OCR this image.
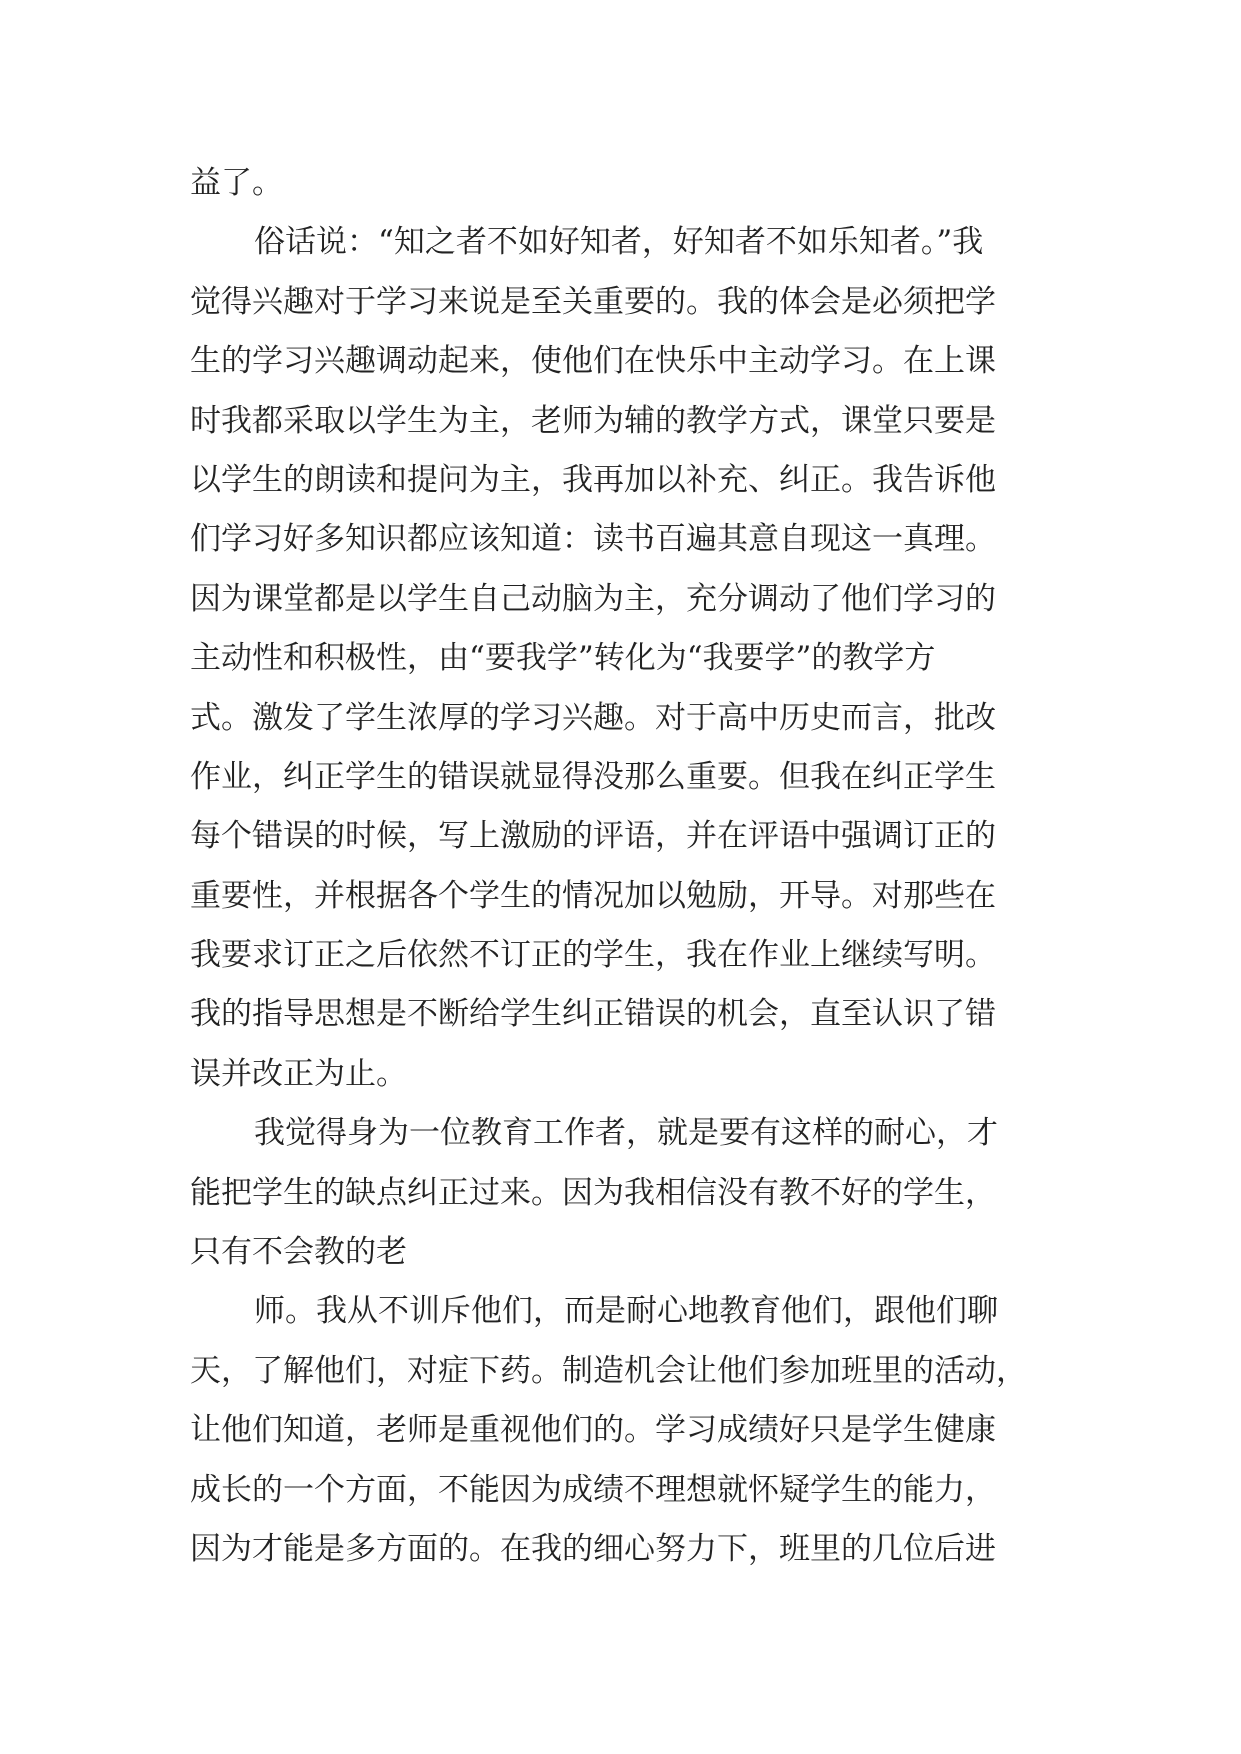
益了。
俗话说：“知之者不如好知者，好知者不如乐知者。”我
觉得兴趣对于学习来说是至关重要的。我的体会是必须把学
生的学习兴趣调动起来，使他们在快乐中主动学习。在上课
时我都采取以学生为主，老师为辅的教学方式，课堂只要是
以学生的朗读和提问为主，我再加以补充、纠正。我告诉他
们学习好多知识都应该知道：读书百遍其意自现这一真理。
因为课堂都是以学生自己动脑为主，充分调动了他们学习的
主动性和积极性，由“要我学”转化为“我要学”的教学方
式。激发了学生浓厚的学习兴趣。对于高中历史而言，批改
作业，纠正学生的错误就显得没那么重要。但我在纠正学生
每个错误的时候，写上激励的评语，并在评语中强调订正的
重要性，并根据各个学生的情况加以勉励，开导。对那些在
我要求订正之后依然不订正的学生，我在作业上继续写明。
我的指导思想是不断给学生纠正错误的机会，直至认识了错
误并改正为止。
我觉得身为一位教育工作者，就是要有这样的耐心，才
能把学生的缺点纠正过来。因为我相信没有教不好的学生，
只有不会教的老
师。我从不训斥他们，而是耐心地教育他们，跟他们聊
天，了解他们，对症下药。制造机会让他们参加班里的活动，
让他们知道，老师是重视他们的。学习成绩好只是学生健康
成长的一个方面，不能因为成绩不理想就怀疑学生的能力，
因为才能是多方面的。在我的细心努力下，班里的几位后进
